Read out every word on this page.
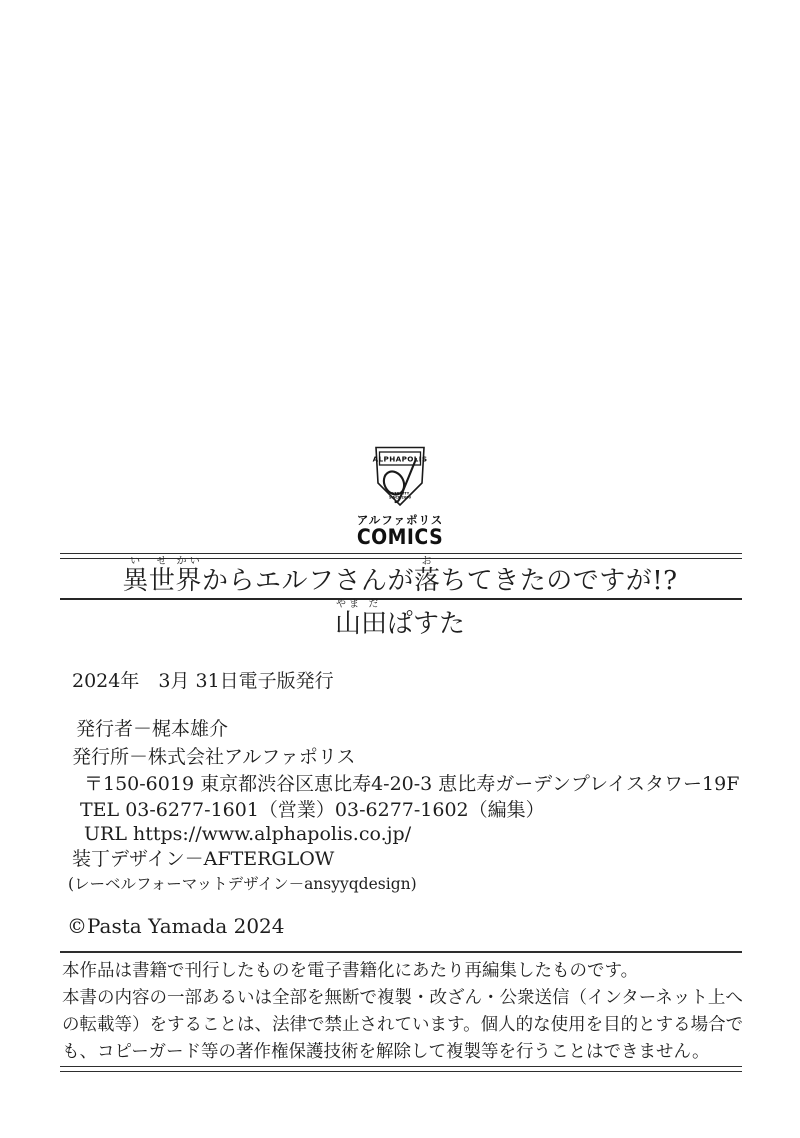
ALPHAPOLIS
WEB CITY
SINCE 2000
アルファポリス
COMICS
異い世せ界かいからエルフさんが落おちてきたのですが!?
山やま田だぱすた
2024年　3月 31日電子版発行
発行者－梶本雄介
発行所－株式会社アルファポリス
〒150-6019 東京都渋谷区恵比寿4-20-3 恵比寿ガーデンプレイスタワー19F
TEL 03-6277-1601（営業）03-6277-1602（編集）
URL https://www.alphapolis.co.jp/
装丁デザイン－AFTERGLOW
(レーベルフォーマットデザイン－ansyyqdesign)
©Pasta Yamada 2024
本作品は書籍で刊行したものを電子書籍化にあたり再編集したものです。
本書の内容の一部あるいは全部を無断で複製・改ざん・公衆送信（インターネット上へ
の転載等）をすることは、法律で禁止されています。個人的な使用を目的とする場合で
も、コピーガード等の著作権保護技術を解除して複製等を行うことはできません。
